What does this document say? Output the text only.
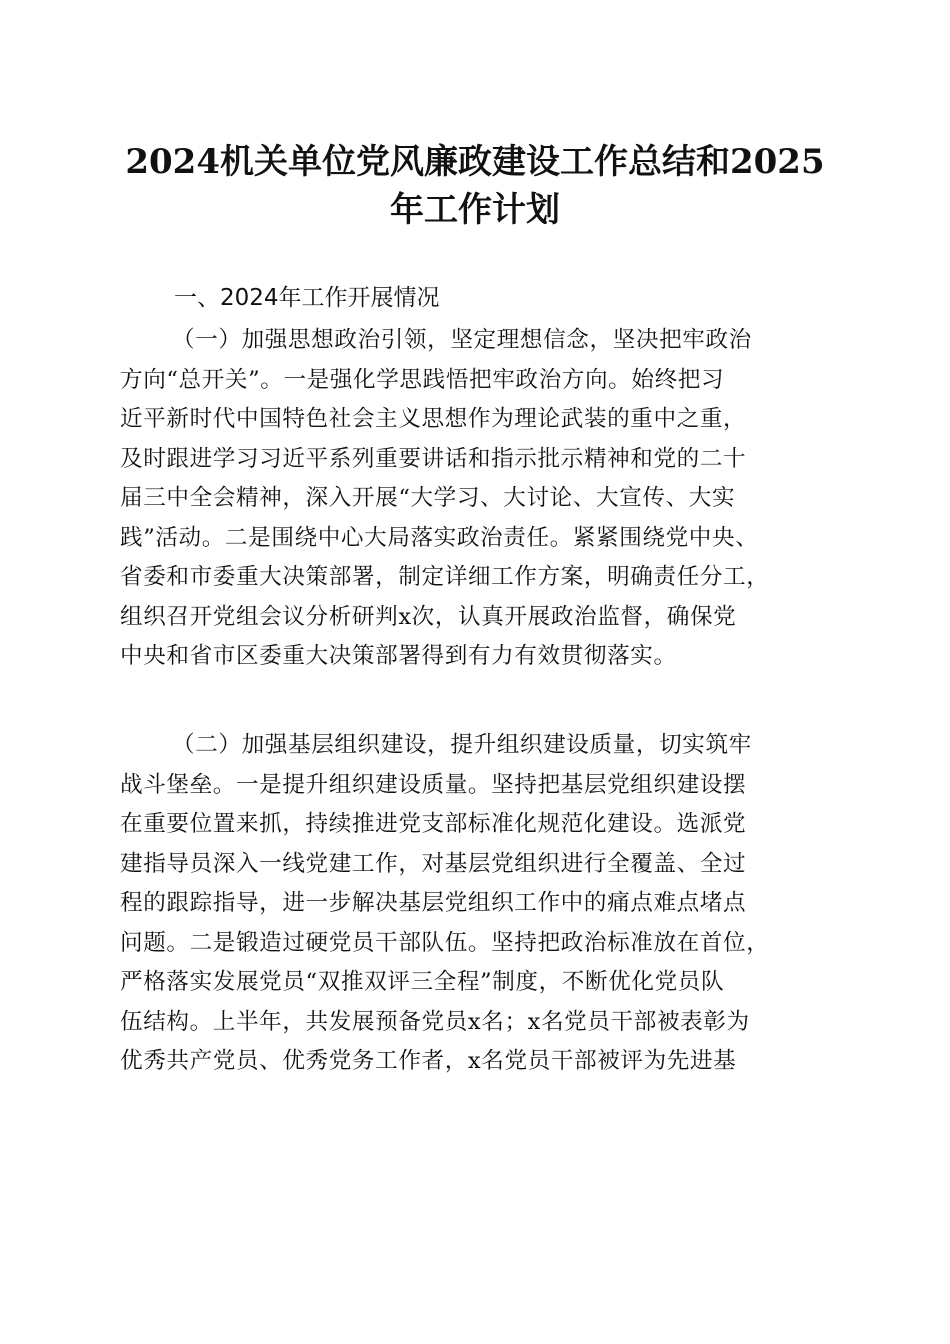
2024机关单位党风廉政建设工作总结和2025
年工作计划
一、2024年工作开展情况
（一）加强思想政治引领，坚定理想信念，坚决把牢政治
方向“总开关”。一是强化学思践悟把牢政治方向。始终把习
近平新时代中国特色社会主义思想作为理论武装的重中之重，
及时跟进学习习近平系列重要讲话和指示批示精神和党的二十
届三中全会精神，深入开展“大学习、大讨论、大宣传、大实
践”活动。二是围绕中心大局落实政治责任。紧紧围绕党中央、
省委和市委重大决策部署，制定详细工作方案，明确责任分工，
组织召开党组会议分析研判x次，认真开展政治监督，确保党
中央和省市区委重大决策部署得到有力有效贯彻落实。
（二）加强基层组织建设，提升组织建设质量，切实筑牢
战斗堡垒。一是提升组织建设质量。坚持把基层党组织建设摆
在重要位置来抓，持续推进党支部标准化规范化建设。选派党
建指导员深入一线党建工作，对基层党组织进行全覆盖、全过
程的跟踪指导，进一步解决基层党组织工作中的痛点难点堵点
问题。二是锻造过硬党员干部队伍。坚持把政治标准放在首位，
严格落实发展党员“双推双评三全程”制度，不断优化党员队
伍结构。上半年，共发展预备党员x名；x名党员干部被表彰为
优秀共产党员、优秀党务工作者，x名党员干部被评为先进基
